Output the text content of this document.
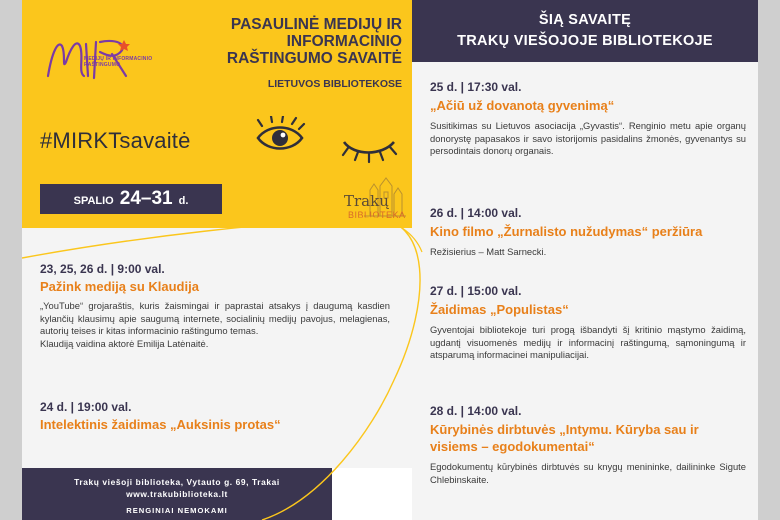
MEDIJŲ IR INFORMACINIO RAŠTINGUMO
PASAULINĖ MEDIJŲ IR
INFORMACINIO
RAŠTINGUMO SAVAITĖ
LIETUVOS BIBLIOTEKOSE
#MIRKTsavaitė
SPALIO 24–31 d.	Trakų
BIBLIOTEKA
23, 25, 26 d. | 9:00 val.
Pažink mediją su Klaudija
„YouTube“ grojaraštis, kuris žaismingai ir paprastai atsakys į daugumą kasdien kylančių klausimų apie saugumą internete, socialinių medijų pavojus, melagienas, autorių teises ir kitas informacinio raštingumo temas.
Klaudiją vaidina aktorė Emilija Latėnaitė.
24 d. | 19:00 val.
Intelektinis žaidimas „Auksinis protas“
Trakų viešoji biblioteka, Vytauto g. 69, Trakai
www.trakubiblioteka.lt
RENGINIAI NEMOKAMI
ŠIĄ SAVAITĘ
TRAKŲ VIEŠOJOJE BIBLIOTEKOJE
25 d. | 17:30 val.
„Ačiū už dovanotą gyvenimą“
Susitikimas su Lietuvos asociacija „Gyvastis“. Renginio metu apie organų donorystę papasakos ir savo istorijomis pasidalins žmonės, gyvenantys su persodintais donorų organais.
26 d. | 14:00 val.
Kino filmo „Žurnalisto nužudymas“ peržiūra
Režisierius – Matt Sarnecki.
27 d. | 15:00 val.
Žaidimas „Populistas“
Gyventojai bibliotekoje turi progą išbandyti šį kritinio mąstymo žaidimą, ugdantį visuomenės medijų ir informacinį raštingumą, sąmoningumą ir atsparumą informacinei manipuliacijai.
28 d. | 14:00 val.
Kūrybinės dirbtuvės „Intymu. Kūryba sau ir visiems – egodokumentai“
Egodokumentų kūrybinės dirbtuvės su knygų menininke, dailininke Sigute Chlebinskaite.
